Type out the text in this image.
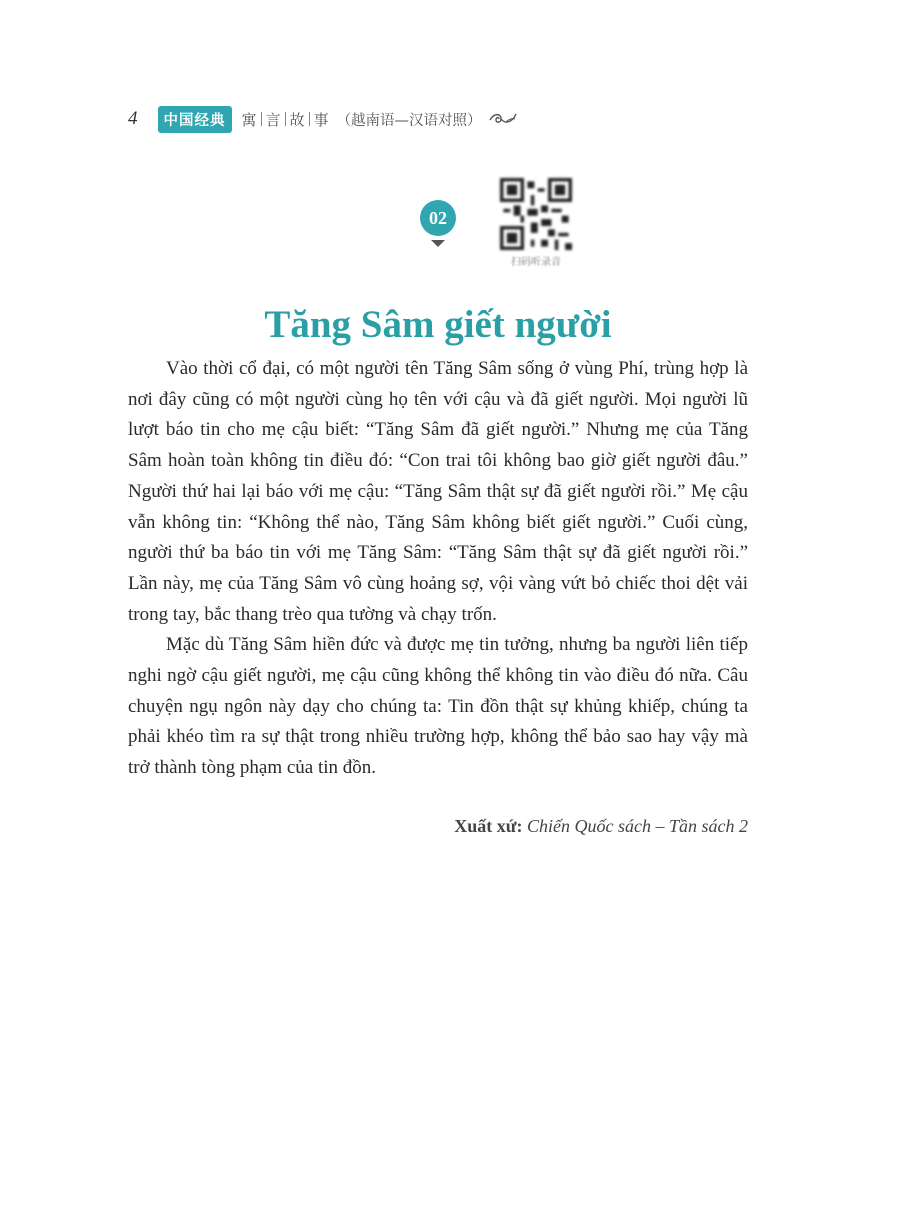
4	中国经典	寓 言 故 事 （越南语—汉语对照）
02
扫码听录音
Tăng Sâm giết người

Vào thời cổ đại, có một người tên Tăng Sâm sống ở vùng Phí, trùng hợp là nơi đây cũng có một người cùng họ tên với cậu và đã giết người. Mọi người lũ lượt báo tin cho mẹ cậu biết: “Tăng Sâm đã giết người.” Nhưng mẹ của Tăng Sâm hoàn toàn không tin điều đó: “Con trai tôi không bao giờ giết người đâu.” Người thứ hai lại báo với mẹ cậu: “Tăng Sâm thật sự đã giết người rồi.” Mẹ cậu vẫn không tin: “Không thể nào, Tăng Sâm không biết giết người.” Cuối cùng, người thứ ba báo tin với mẹ Tăng Sâm: “Tăng Sâm thật sự đã giết người rồi.” Lần này, mẹ của Tăng Sâm vô cùng hoảng sợ, vội vàng vứt bỏ chiếc thoi dệt vải trong tay, bắc thang trèo qua tường và chạy trốn.

Mặc dù Tăng Sâm hiền đức và được mẹ tin tưởng, nhưng ba người liên tiếp nghi ngờ cậu giết người, mẹ cậu cũng không thể không tin vào điều đó nữa. Câu chuyện ngụ ngôn này dạy cho chúng ta: Tin đồn thật sự khủng khiếp, chúng ta phải khéo tìm ra sự thật trong nhiều trường hợp, không thể bảo sao hay vậy mà trở thành tòng phạm của tin đồn.

Xuất xứ: Chiến Quốc sách – Tần sách 2
